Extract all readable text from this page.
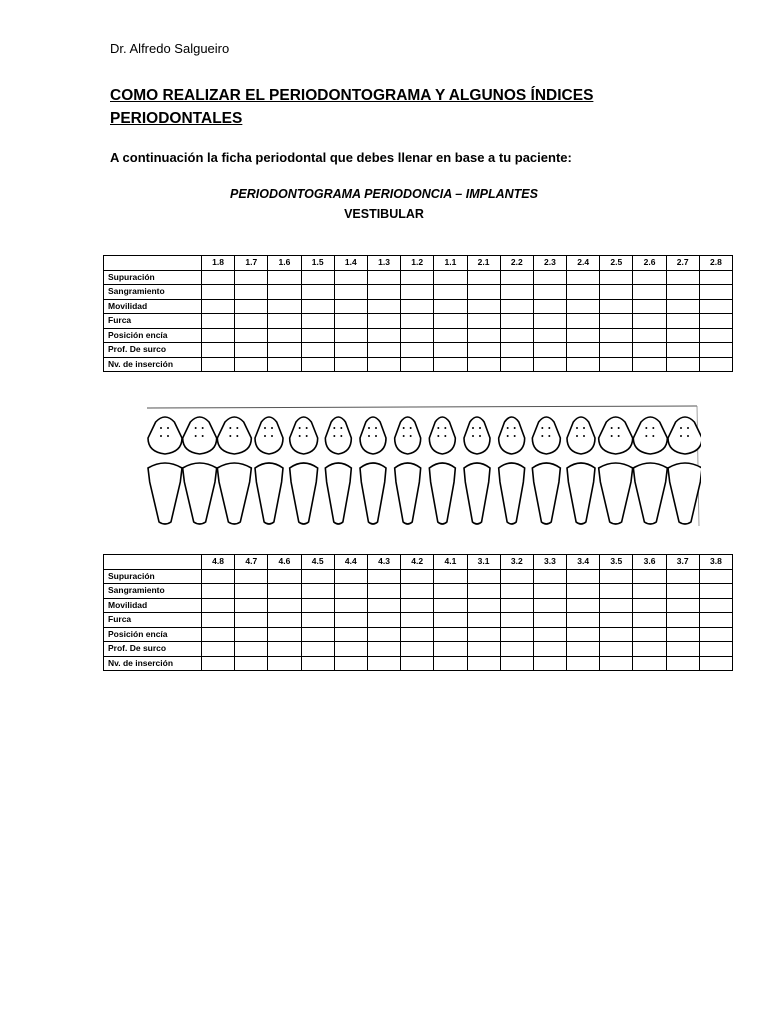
Dr. Alfredo Salgueiro
COMO REALIZAR EL PERIODONTOGRAMA Y ALGUNOS ÍNDICES PERIODONTALES
A continuación la ficha periodontal que debes llenar en base a tu paciente:
PERIODONTOGRAMA PERIODONCIA – IMPLANTES
VESTIBULAR
	1.8	1.7	1.6	1.5	1.4	1.3	1.2	1.1	2.1	2.2	2.3	2.4	2.5	2.6	2.7	2.8
Supuración																
Sangramiento																
Movilidad																
Furca																
Posición encía																
Prof. De surco																
Nv. de inserción																
	4.8	4.7	4.6	4.5	4.4	4.3	4.2	4.1	3.1	3.2	3.3	3.4	3.5	3.6	3.7	3.8
Supuración																
Sangramiento																
Movilidad																
Furca																
Posición encía																
Prof. De surco																
Nv. de inserción																
